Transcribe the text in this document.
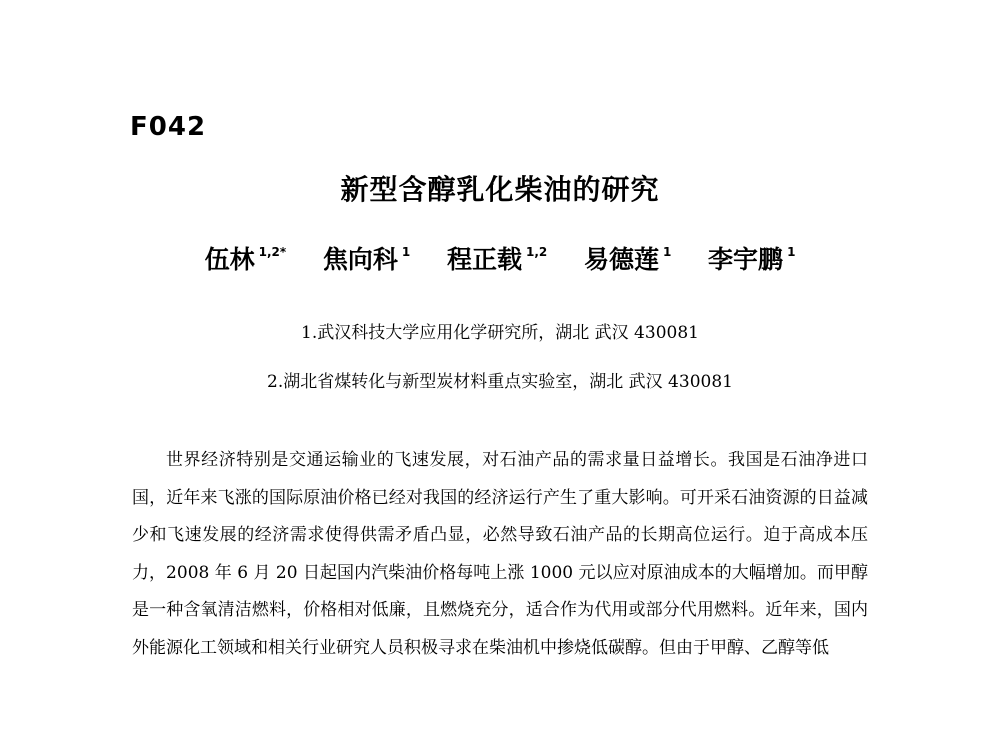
F042
新型含醇乳化柴油的研究
伍林 $^{1,2*}$ 焦向科 $^1$ 程正载 $^{1,2}$ 易德莲 $^1$ 李宇鹏 $^1$
1.武汉科技大学应用化学研究所，湖北 武汉 430081
2.湖北省煤转化与新型炭材料重点实验室，湖北 武汉 430081

世界经济特别是交通运输业的飞速发展，对石油产品的需求量日益增长。我国是石油净进口国，近年来飞涨的国际原油价格已经对我国的经济运行产生了重大影响。可开采石油资源的日益减少和飞速发展的经济需求使得供需矛盾凸显，必然导致石油产品的长期高位运行。迫于高成本压力，2008 年 6 月 20 日起国内汽柴油价格每吨上涨 1000 元以应对原油成本的大幅增加。而甲醇是一种含氧清洁燃料，价格相对低廉，且燃烧充分，适合作为代用或部分代用燃料。近年来，国内外能源化工领域和相关行业研究人员积极寻求在柴油机中掺烧低碳醇。但由于甲醇、乙醇等低
